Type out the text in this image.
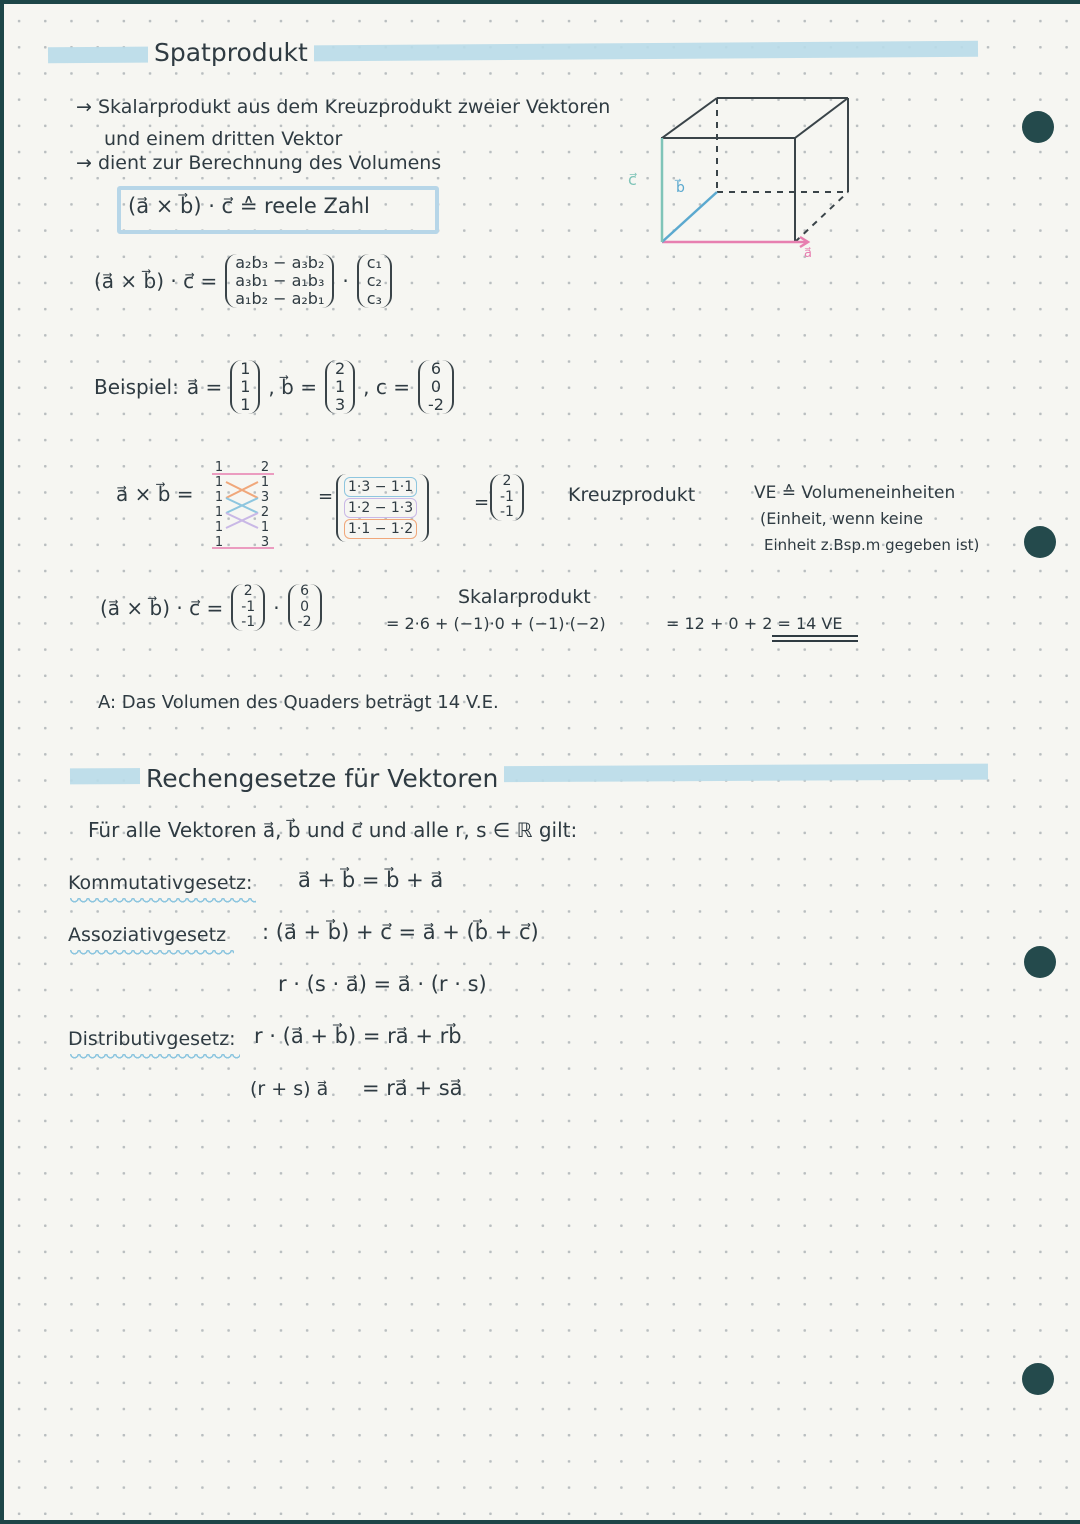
Spatprodukt
→ Skalarprodukt aus dem Kreuzprodukt zweier Vektoren
und einem dritten Vektor
→ dient zur Berechnung des Volumens
(a⃗ × b⃗) · c⃗ ≙ reele Zahl
a⃗
b⃗
c⃗
(a⃗ × b⃗) · c⃗ =
a₂b₃ − a₃b₂
a₃b₁ − a₁b₃
a₁b₂ − a₂b₁
·
c₁
c₂
c₃
Beispiel: a⃗ =
1
1
1
, b⃗ =
2
1
3
, c =
6
0
-2
a⃗ × b⃗ =
1
1
1
1
1
1
2
1
3
2
1
3
= 1·3 − 1·1
1·2 − 1·3
1·1 − 1·2
=
2
-1
-1
Kreuzprodukt	VE ≙ Volumeneinheiten
(Einheit, wenn keine
Einheit z.Bsp.m gegeben ist)
Skalarprodukt
(a⃗ × b⃗) · c⃗ =
2
-1
-1
·
6
0
-2	= 2·6 + (−1)·0 + (−1)·(−2)	= 12 + 0 + 2 = 14 VE
A: Das Volumen des Quaders beträgt 14 V.E.
Rechengesetze für Vektoren
Für alle Vektoren a⃗, b⃗ und c⃗ und alle r, s ∈ ℝ gilt:
Kommutativgesetz: a⃗ + b⃗ = b⃗ + a⃗
Assoziativgesetz : (a⃗ + b⃗) + c⃗ = a⃗ + (b⃗ + c⃗)
r · (s · a⃗) = a⃗ · (r · s)
Distributivgesetz: r · (a⃗ + b⃗) = ra⃗ + rb⃗
(r + s) a⃗ = ra⃗ + sa⃗
